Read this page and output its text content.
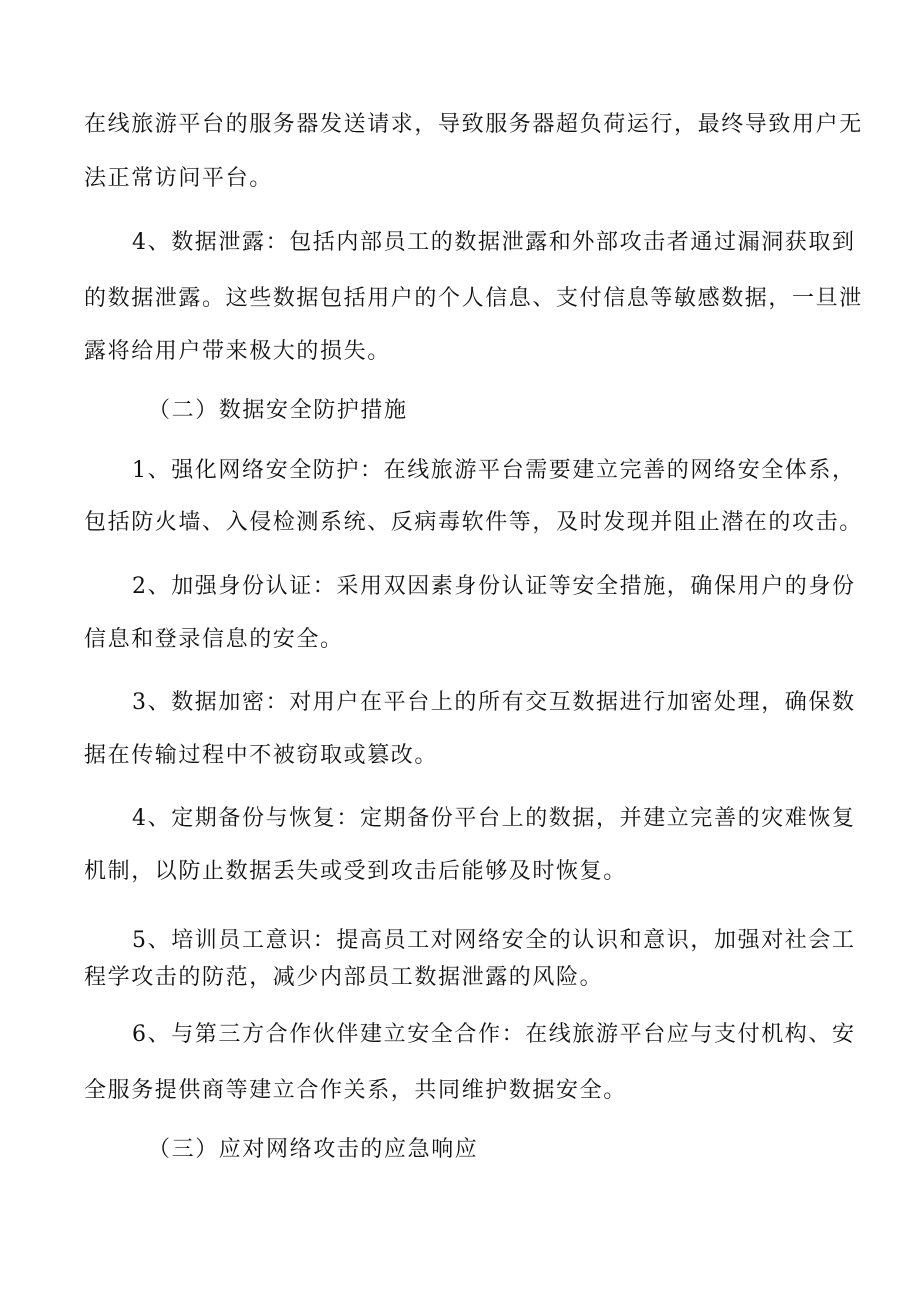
在线旅游平台的服务器发送请求，导致服务器超负荷运行，最终导致用户无
法正常访问平台。
4、数据泄露：包括内部员工的数据泄露和外部攻击者通过漏洞获取到
的数据泄露。这些数据包括用户的个人信息、支付信息等敏感数据，一旦泄
露将给用户带来极大的损失。
（二）数据安全防护措施
1、强化网络安全防护：在线旅游平台需要建立完善的网络安全体系，
包括防火墙、入侵检测系统、反病毒软件等，及时发现并阻止潜在的攻击。
2、加强身份认证：采用双因素身份认证等安全措施，确保用户的身份
信息和登录信息的安全。
3、数据加密：对用户在平台上的所有交互数据进行加密处理，确保数
据在传输过程中不被窃取或篡改。
4、定期备份与恢复：定期备份平台上的数据，并建立完善的灾难恢复
机制，以防止数据丢失或受到攻击后能够及时恢复。
5、培训员工意识：提高员工对网络安全的认识和意识，加强对社会工
程学攻击的防范，减少内部员工数据泄露的风险。
6、与第三方合作伙伴建立安全合作：在线旅游平台应与支付机构、安
全服务提供商等建立合作关系，共同维护数据安全。
（三）应对网络攻击的应急响应
